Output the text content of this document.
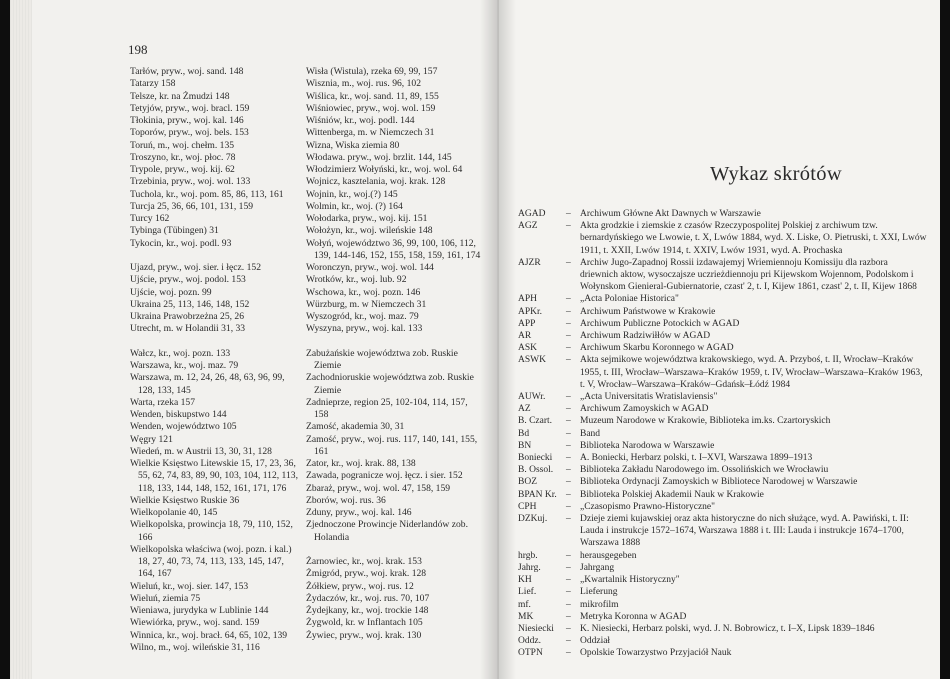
198
Tarłów, pryw., woj. sand. 148
Tatarzy 158
Telsze, kr. na Żmudzi 148
Tetyjów, pryw., woj. bracl. 159
Tłokinia, pryw., woj. kal. 146
Toporów, pryw., woj. bels. 153
Toruń, m., woj. chełm. 135
Troszyno, kr., woj. płoc. 78
Trypole, pryw., woj. kij. 62
Trzebinia, pryw., woj. wol. 133
Tuchola, kr., woj. pom. 85, 86, 113, 161
Turcja 25, 36, 66, 101, 131, 159
Turcy 162
Tybinga (Tübingen) 31
Tykocin, kr., woj. podl. 93
Ujazd, pryw., woj. sier. i łęcz. 152
Ujście, pryw., woj. podol. 153
Ujście, woj. pozn. 99
Ukraina 25, 113, 146, 148, 152
Ukraina Prawobrzeżna 25, 26
Utrecht, m. w Holandii 31, 33
Wałcz, kr., woj. pozn. 133
Warszawa, kr., woj. maz. 79
Warszawa, m. 12, 24, 26, 48, 63, 96, 99, 128, 133, 145
Warta, rzeka 157
Wenden, biskupstwo 144
Wenden, województwo 105
Węgry 121
Wiedeń, m. w Austrii 13, 30, 31, 128
Wielkie Księstwo Litewskie 15, 17, 23, 36, 55, 62, 74, 83, 89, 90, 103, 104, 112, 113, 118, 133, 144, 148, 152, 161, 171, 176
Wielkie Księstwo Ruskie 36
Wielkopolanie 40, 145
Wielkopolska, prowincja 18, 79, 110, 152, 166
Wielkopolska właściwa (woj. pozn. i kal.) 18, 27, 40, 73, 74, 113, 133, 145, 147, 164, 167
Wieluń, kr., woj. sier. 147, 153
Wieluń, ziemia 75
Wieniawa, jurydyka w Lublinie 144
Wiewiórka, pryw., woj. sand. 159
Winnica, kr., woj. bracł. 64, 65, 102, 139
Wilno, m., woj. wileńskie 31, 116
Wisła (Wistula), rzeka 69, 99, 157
Wisznia, m., woj. rus. 96, 102
Wiślica, kr., woj. sand. 11, 89, 155
Wiśniowiec, pryw., woj. wol. 159
Wiśniów, kr., woj. podl. 144
Wittenberga, m. w Niemczech 31
Wizna, Wiska ziemia 80
Włodawa. pryw., woj. brzlit. 144, 145
Włodzimierz Wołyński, kr., woj. wol. 64
Wojnicz, kasztelania, woj. krak. 128
Wojnin, kr., woj.(?) 145
Wolmin, kr., woj. (?) 164
Wołodarka, pryw., woj. kij. 151
Wołożyn, kr., woj. wileńskie 148
Wołyń, województwo 36, 99, 100, 106, 112, 139, 144-146, 152, 155, 158, 159, 161, 174
Woronczyn, pryw., woj. wol. 144
Wrotków, kr., woj. lub. 92
Wschowa, kr., woj. pozn. 146
Würzburg, m. w Niemczech 31
Wyszogród, kr., woj. maz. 79
Wyszyna, pryw., woj. kal. 133
Zabużańskie województwa zob. Ruskie Ziemie
Zachodnioruskie województwa zob. Ruskie Ziemie
Zadnieprze, region 25, 102-104, 114, 157, 158
Zamość, akademia 30, 31
Zamość, pryw., woj. rus. 117, 140, 141, 155, 161
Zator, kr., woj. krak. 88, 138
Zawada, pogranicze woj. łęcz. i sier. 152
Zbaraż, pryw., woj. wol. 47, 158, 159
Zborów, woj. rus. 36
Zduny, pryw., woj. kal. 146
Zjednoczone Prowincje Niderlandów zob. Holandia
Żarnowiec, kr., woj. krak. 153
Żmigród, pryw., woj. krak. 128
Żółkiew, pryw., woj. rus. 12
Żydaczów, kr., woj. rus. 70, 107
Żydejkany, kr., woj. trockie 148
Żygwold, kr. w Inflantach 105
Żywiec, pryw., woj. krak. 130
Wykaz skrótów
AGAD	– Archiwum Główne Akt Dawnych w Warszawie
AGZ	– Akta grodzkie i ziemskie z czasów Rzeczypospolitej Polskiej z archiwum tzw. bernardyńskiego we Lwowie, t. X, Lwów 1884, wyd. X. Liske, O. Pietruski, t. XXI, Lwów 1911, t. XXII, Lwów 1914, t. XXIV, Lwów 1931, wyd. A. Prochaska
AJZR	– Archiw Jugo-Zapadnoj Rossii izdawajemyj Wriemiennoju Komissiju dla razbora driewnich aktow, wysoczajsze uczriеżdiennoju pri Kijewskom Wojennom, Podolskom i Wołynskom Gienieral-Gubiernatorie, czast' 2, t. I, Kijew 1861, czast' 2, t. II, Kijew 1868
APH	– „Acta Poloniae Historica"
APKr.	– Archiwum Państwowe w Krakowie
APP	– Archiwum Publiczne Potockich w AGAD
AR	– Archiwum Radziwiłłów w AGAD
ASK	– Archiwum Skarbu Koronnego w AGAD
ASWK	– Akta sejmikowe województwa krakowskiego, wyd. A. Przyboś, t. II, Wrocław–Kraków 1955, t. III, Wrocław–Warszawa–Kraków 1959, t. IV, Wrocław–Warszawa–Kraków 1963, t. V, Wrocław–Warszawa–Kraków–Gdańsk–Łódź 1984
AUWr.	– „Acta Universitatis Wratislaviensis"
AZ	– Archiwum Zamoyskich w AGAD
B. Czart.	– Muzeum Narodowe w Krakowie, Biblioteka im.ks. Czartoryskich
Bd	– Band
BN	– Biblioteka Narodowa w Warszawie
Boniecki	– A. Boniecki, Herbarz polski, t. I–XVI, Warszawa 1899–1913
B. Ossol.	– Biblioteka Zakładu Narodowego im. Ossolińskich we Wrocławiu
BOZ	– Biblioteka Ordynacji Zamoyskich w Bibliotece Narodowej w Warszawie
BPAN Kr. – Biblioteka Polskiej Akademii Nauk w Krakowie
CPH	– „Czasopismo Prawno-Historyczne"
DZKuj.	– Dzieje ziemi kujawskiej oraz akta historyczne do nich służące, wyd. A. Pawiński, t. II: Lauda i instrukcje 1572–1674, Warszawa 1888 i t. III: Lauda i instrukcje 1674–1700, Warszawa 1888
hrgb.	– herausgegeben
Jahrg.	– Jahrgang
KH	– „Kwartalnik Historyczny"
Lief.	– Lieferung
mf.	– mikrofilm
MK	– Metryka Koronna w AGAD
Niesiecki	– K. Niesiecki, Herbarz polski, wyd. J. N. Bobrowicz, t. I–X, Lipsk 1839–1846
Oddz.	– Oddział
OTPN	– Opolskie Towarzystwo Przyjaciół Nauk
